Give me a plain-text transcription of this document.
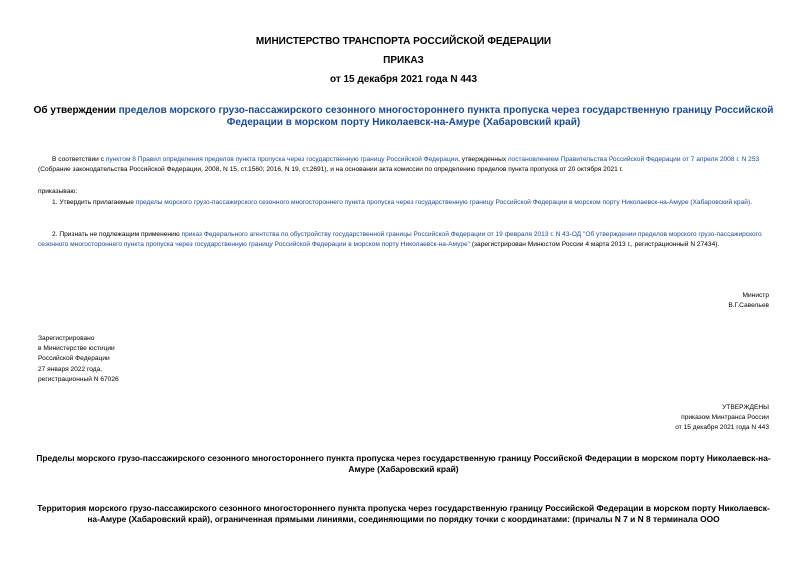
МИНИСТЕРСТВО ТРАНСПОРТА РОССИЙСКОЙ ФЕДЕРАЦИИ
ПРИКАЗ
от 15 декабря 2021 года N 443
Об утверждении пределов морского грузо-пассажирского сезонного многостороннего пункта пропуска через государственную границу Российской Федерации в морском порту Николаевск-на-Амуре (Хабаровский край)
В соответствии с пунктом 8 Правил определения пределов пункта пропуска через государственную границу Российской Федерации, утвержденных постановлением Правительства Российской Федерации от 7 апреля 2008 г. N 253 (Собрание законодательства Российской Федерации, 2008, N 15, ст.1560; 2016, N 19, ст.2691), и на основании акта комиссии по определению пределов пункта пропуска от 20 октября 2021 г.
приказываю:
1. Утвердить прилагаемые пределы морского грузо-пассажирского сезонного многостороннего пункта пропуска через государственную границу Российской Федерации в морском порту Николаевск-на-Амуре (Хабаровский край).
2. Признать не подлежащим применению приказ Федерального агентства по обустройству государственной границы Российской Федерации от 19 февраля 2013 г. N 43-ОД "Об утверждении пределов морского грузо-пассажирского сезонного многостороннего пункта пропуска через государственную границу Российской Федерации в морском порту Николаевск-на-Амуре" (зарегистрирован Минюстом России 4 марта 2013 г., регистрационный N 27434).
Министр
В.Г.Савельев
Зарегистрировано
в Министерстве юстиции
Российской Федерации
27 января 2022 года,
регистрационный N 67026
УТВЕРЖДЕНЫ
приказом Минтранса России
от 15 декабря 2021 года N 443
Пределы морского грузо-пассажирского сезонного многостороннего пункта пропуска через государственную границу Российской Федерации в морском порту Николаевск-на-Амуре (Хабаровский край)
Территория морского грузо-пассажирского сезонного многостороннего пункта пропуска через государственную границу Российской Федерации в морском порту Николаевск-на-Амуре (Хабаровский край), ограниченная прямыми линиями, соединяющими по порядку точки с координатами: (причалы N 7 и N 8 терминала ООО
